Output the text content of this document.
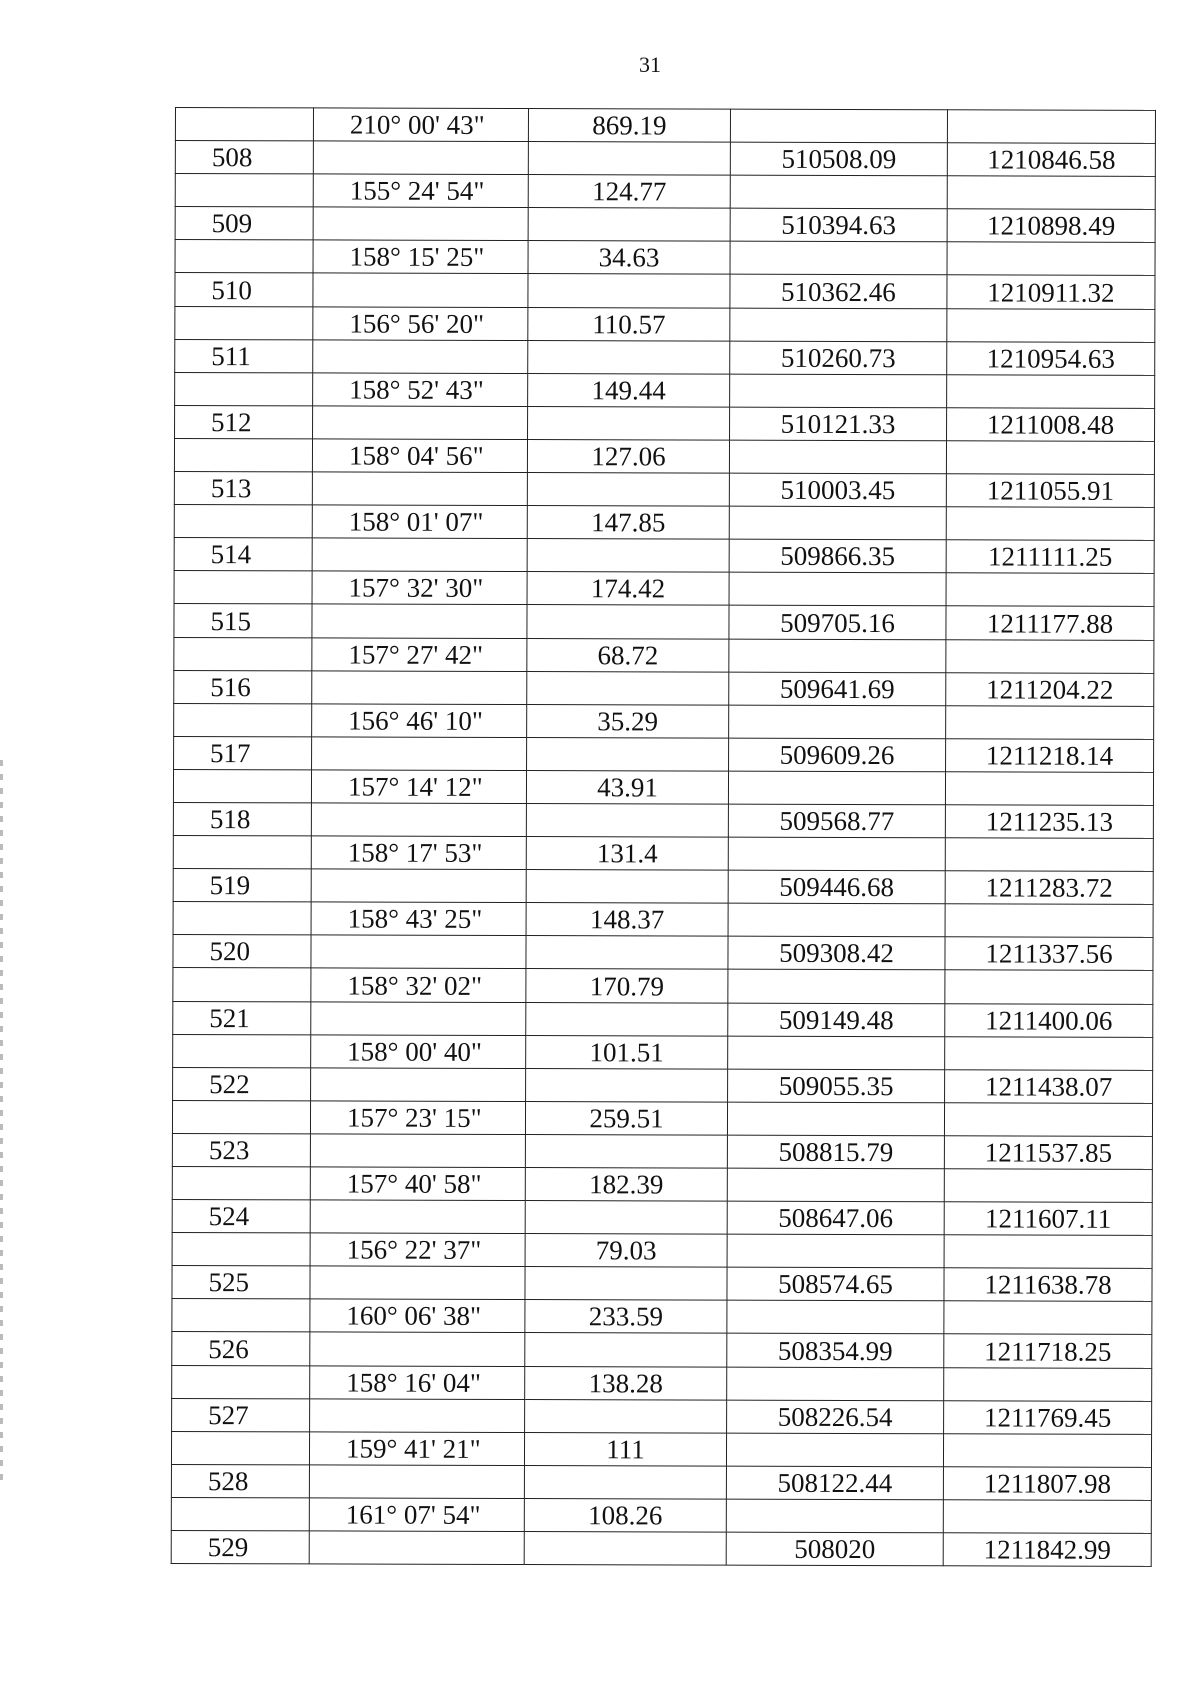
31
	210° 00' 43"	869.19		
508			510508.09	1210846.58
	155° 24' 54"	124.77		
509			510394.63	1210898.49
	158° 15' 25"	34.63		
510			510362.46	1210911.32
	156° 56' 20"	110.57		
511			510260.73	1210954.63
	158° 52' 43"	149.44		
512			510121.33	1211008.48
	158° 04' 56"	127.06		
513			510003.45	1211055.91
	158° 01' 07"	147.85		
514			509866.35	1211111.25
	157° 32' 30"	174.42		
515			509705.16	1211177.88
	157° 27' 42"	68.72		
516			509641.69	1211204.22
	156° 46' 10"	35.29		
517			509609.26	1211218.14
	157° 14' 12"	43.91		
518			509568.77	1211235.13
	158° 17' 53"	131.4		
519			509446.68	1211283.72
	158° 43' 25"	148.37		
520			509308.42	1211337.56
	158° 32' 02"	170.79		
521			509149.48	1211400.06
	158° 00' 40"	101.51		
522			509055.35	1211438.07
	157° 23' 15"	259.51		
523			508815.79	1211537.85
	157° 40' 58"	182.39		
524			508647.06	1211607.11
	156° 22' 37"	79.03		
525			508574.65	1211638.78
	160° 06' 38"	233.59		
526			508354.99	1211718.25
	158° 16' 04"	138.28		
527			508226.54	1211769.45
	159° 41' 21"	111		
528			508122.44	1211807.98
	161° 07' 54"	108.26		
529			508020	1211842.99
